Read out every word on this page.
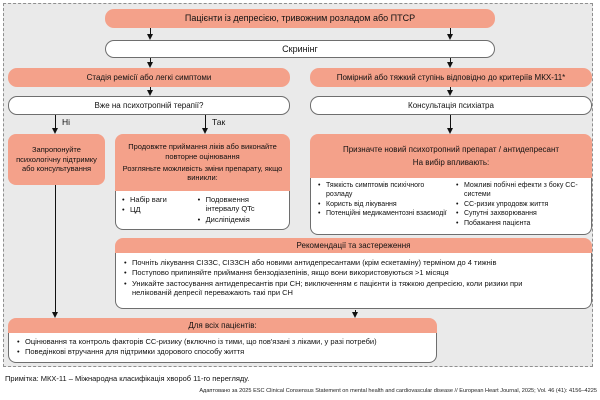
Пацієнти із депресією, тривожним розладом або ПТСР
Скринінг
Стадія ремісії або легкі симптоми	Помірний або тяжкий ступінь відповідно до критеріїв МКХ-11*
Вже на психотропній терапії?	Консультація психіатра
Ні	Так
Запропонуйте психологічну підтримку або консультування
Продовжте приймання ліків або виконайте повторне оцінювання
Розгляньте можливість зміни препарату, якщо виникли:
• Набір ваги
• ЦД
• Подовження інтервалу QTc
• Дисліпідемія
Призначте новий психотропний препарат / антидепресант
На вибір впливають:
• Тяжкість симптомів психічного розладу
• Користь від лікування
• Потенційні медикаментозні взаємодії
• Можливі побічні ефекти з боку СС-системи
• СС-ризик упродовж життя
• Супутні захворювання
• Побажання пацієнта
Рекомендації та застереження
• Почніть лікування СІЗЗС, СІЗЗСН або новими антидепресантами (крім ескетаміну) терміном до 4 тижнів
• Поступово припиняйте приймання бензодіазепінів, якщо вони використовуються >1 місяця
• Уникайте застосування антидепресантів при СН; виключенням є пацієнти із тяжкою депресією, коли ризики при нелікованій депресії переважають такі при СН
Для всіх пацієнтів:
• Оцінювання та контроль факторів СС-ризику (включно із тими, що пов'язані з ліками, у разі потреби)
• Поведінкові втручання для підтримки здорового способу життя
Примітка: МКХ-11 – Міжнародна класифікація хвороб 11-го перегляду.
Адаптовано за 2025 ESC Clinical Consensus Statement on mental health and cardiovascular disease // European Heart Journal, 2025; Vol. 46 (41): 4156–4225
